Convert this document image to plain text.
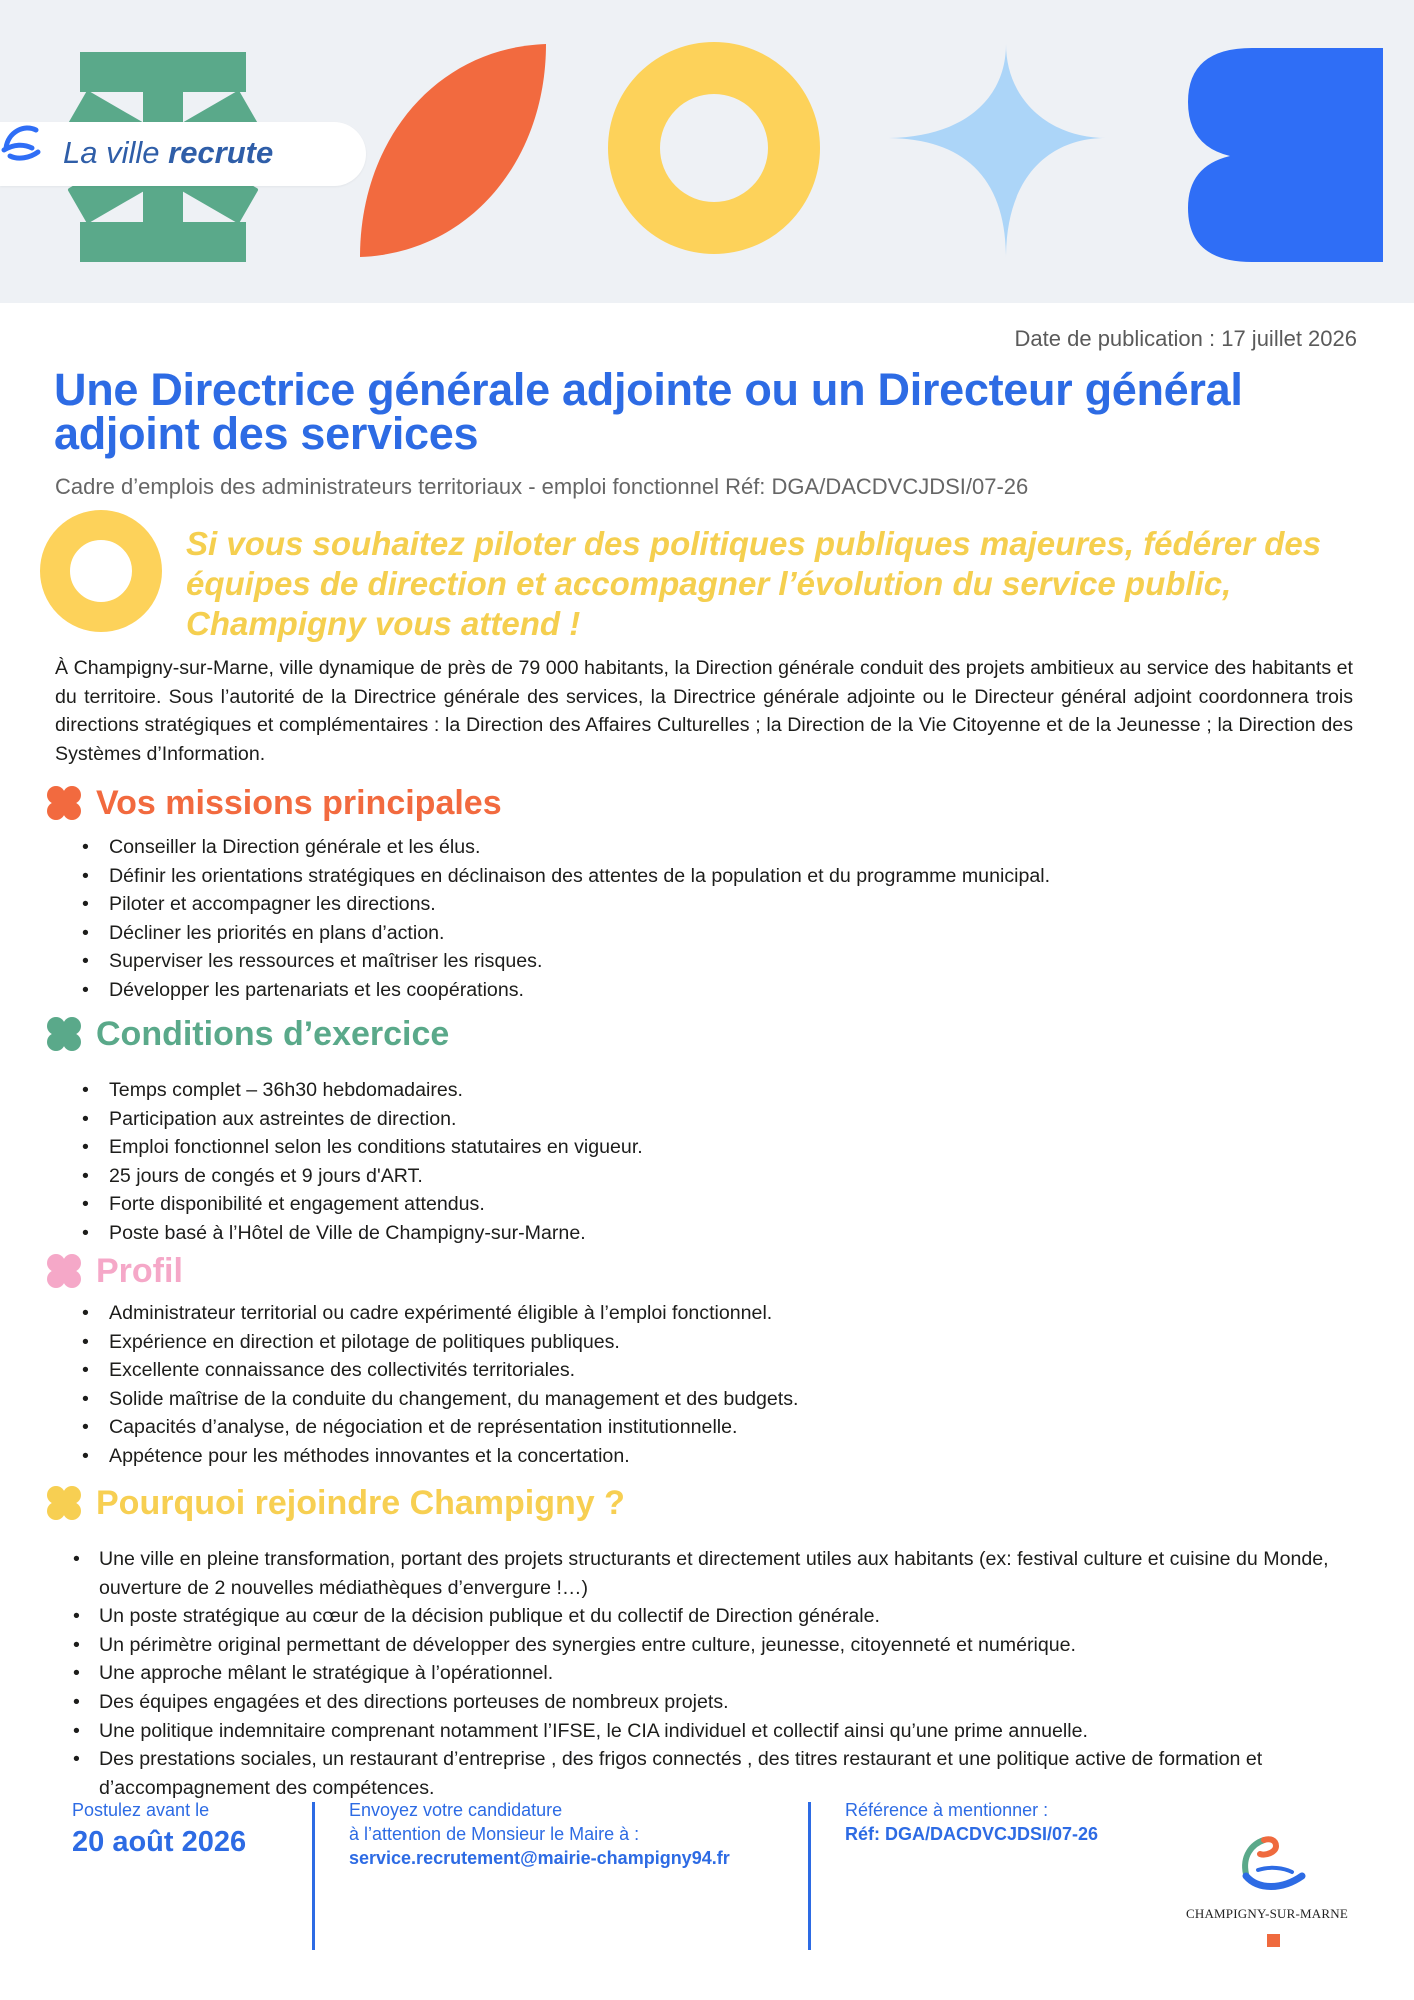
La ville recrute
Date de publication : 17 juillet 2026
Une Directrice générale adjointe ou un Directeur général adjoint des services
Cadre d’emplois des administrateurs territoriaux - emploi fonctionnel Réf: DGA/DACDVCJDSI/07-26

Si vous souhaitez piloter des politiques publiques majeures, fédérer des équipes de direction et accompagner l’évolution du service public, Champigny vous attend !

À Champigny-sur-Marne, ville dynamique de près de 79 000 habitants, la Direction générale conduit des projets ambitieux au service des habitants et du territoire. Sous l’autorité de la Directrice générale des services, la Directrice générale adjointe ou le Directeur général adjoint coordonnera trois directions stratégiques et complémentaires : la Direction des Affaires Culturelles ; la Direction de la Vie Citoyenne et de la Jeunesse ; la Direction des Systèmes d’Information.

Vos missions principales
• Conseiller la Direction générale et les élus.
• Définir les orientations stratégiques en déclinaison des attentes de la population et du programme municipal.
• Piloter et accompagner les directions.
• Décliner les priorités en plans d’action.
• Superviser les ressources et maîtriser les risques.
• Développer les partenariats et les coopérations.
Conditions d’exercice
• Temps complet – 36h30 hebdomadaires.
• Participation aux astreintes de direction.
• Emploi fonctionnel selon les conditions statutaires en vigueur.
• 25 jours de congés et 9 jours d'ART.
• Forte disponibilité et engagement attendus.
• Poste basé à l’Hôtel de Ville de Champigny-sur-Marne.
Profil
• Administrateur territorial ou cadre expérimenté éligible à l’emploi fonctionnel.
• Expérience en direction et pilotage de politiques publiques.
• Excellente connaissance des collectivités territoriales.
• Solide maîtrise de la conduite du changement, du management et des budgets.
• Capacités d’analyse, de négociation et de représentation institutionnelle.
• Appétence pour les méthodes innovantes et la concertation.
Pourquoi rejoindre Champigny ?
• Une ville en pleine transformation, portant des projets structurants et directement utiles aux habitants (ex: festival culture et cuisine du Monde, ouverture de 2 nouvelles médiathèques d’envergure !…)
• Un poste stratégique au cœur de la décision publique et du collectif de Direction générale.
• Un périmètre original permettant de développer des synergies entre culture, jeunesse, citoyenneté et numérique.
• Une approche mêlant le stratégique à l’opérationnel.
• Des équipes engagées et des directions porteuses de nombreux projets.
• Une politique indemnitaire comprenant notamment l’IFSE, le CIA individuel et collectif ainsi qu’une prime annuelle.
• Des prestations sociales, un restaurant d’entreprise , des frigos connectés , des titres restaurant et une politique active de formation et d’accompagnement des compétences.
Postulez avant le
20 août 2026
Envoyez votre candidature
à l’attention de Monsieur le Maire à :
service.recrutement@mairie-champigny94.fr
Référence à mentionner :
Réf: DGA/DACDVCJDSI/07-26
CHAMPIGNY-SUR-MARNE
